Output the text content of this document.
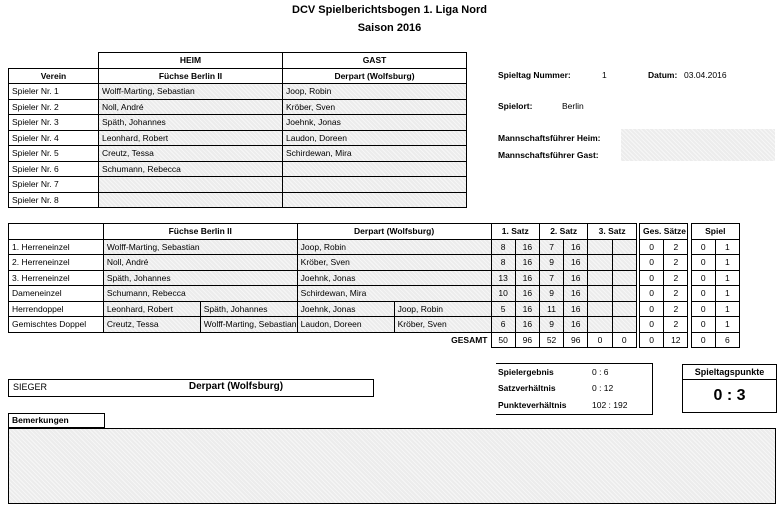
DCV Spielberichtsbogen 1. Liga Nord
Saison 2016
	HEIM	GAST
Verein	Füchse Berlin II	Derpart (Wolfsburg)
Spieler Nr. 1	Wolff-Marting, Sebastian	Joop, Robin
Spieler Nr. 2	Noll, André	Kröber, Sven
Spieler Nr. 3	Späth, Johannes	Joehnk, Jonas
Spieler Nr. 4	Leonhard, Robert	Laudon, Doreen
Spieler Nr. 5	Creutz, Tessa	Schirdewan, Mira
Spieler Nr. 6	Schumann, Rebecca	
Spieler Nr. 7		
Spieler Nr. 8		
Spieltag Nummer:	1	Datum: 03.04.2016
Spielort:	Berlin
Mannschaftsführer Heim:
Mannschaftsführer Gast:
	Füchse Berlin II		Derpart (Wolfsburg)		1. Satz		2. Satz		3. Satz			Ges. Sätze			Spiel		
1. Herreneinzel	Wolff-Marting, Sebastian		Joop, Robin		8	16	7	16				0	2		0	1	
2. Herreneinzel	Noll, André		Kröber, Sven		8	16	9	16				0	2		0	1	
3. Herreneinzel	Späth, Johannes		Joehnk, Jonas		13	16	7	16				0	2		0	1	
Dameneinzel	Schumann, Rebecca		Schirdewan, Mira		10	16	9	16				0	2		0	1	
Herrendoppel	Leonhard, Robert	Späth, Johannes	Joehnk, Jonas	Joop, Robin	5	16	11	16				0	2		0	1	
Gemischtes Doppel	Creutz, Tessa	Wolff-Marting, Sebastian	Laudon, Doreen	Kröber, Sven	6	16	9	16				0	2		0	1	
				GESAMT	50	96	52	96	0	0		0	12		0	6	
SIEGER	Derpart (Wolfsburg)
Spielergebnis	0 : 6
Satzverhältnis	0 : 12
Punkteverhältnis	102 : 192
Spieltagspunkte
0 : 3
Bemerkungen
